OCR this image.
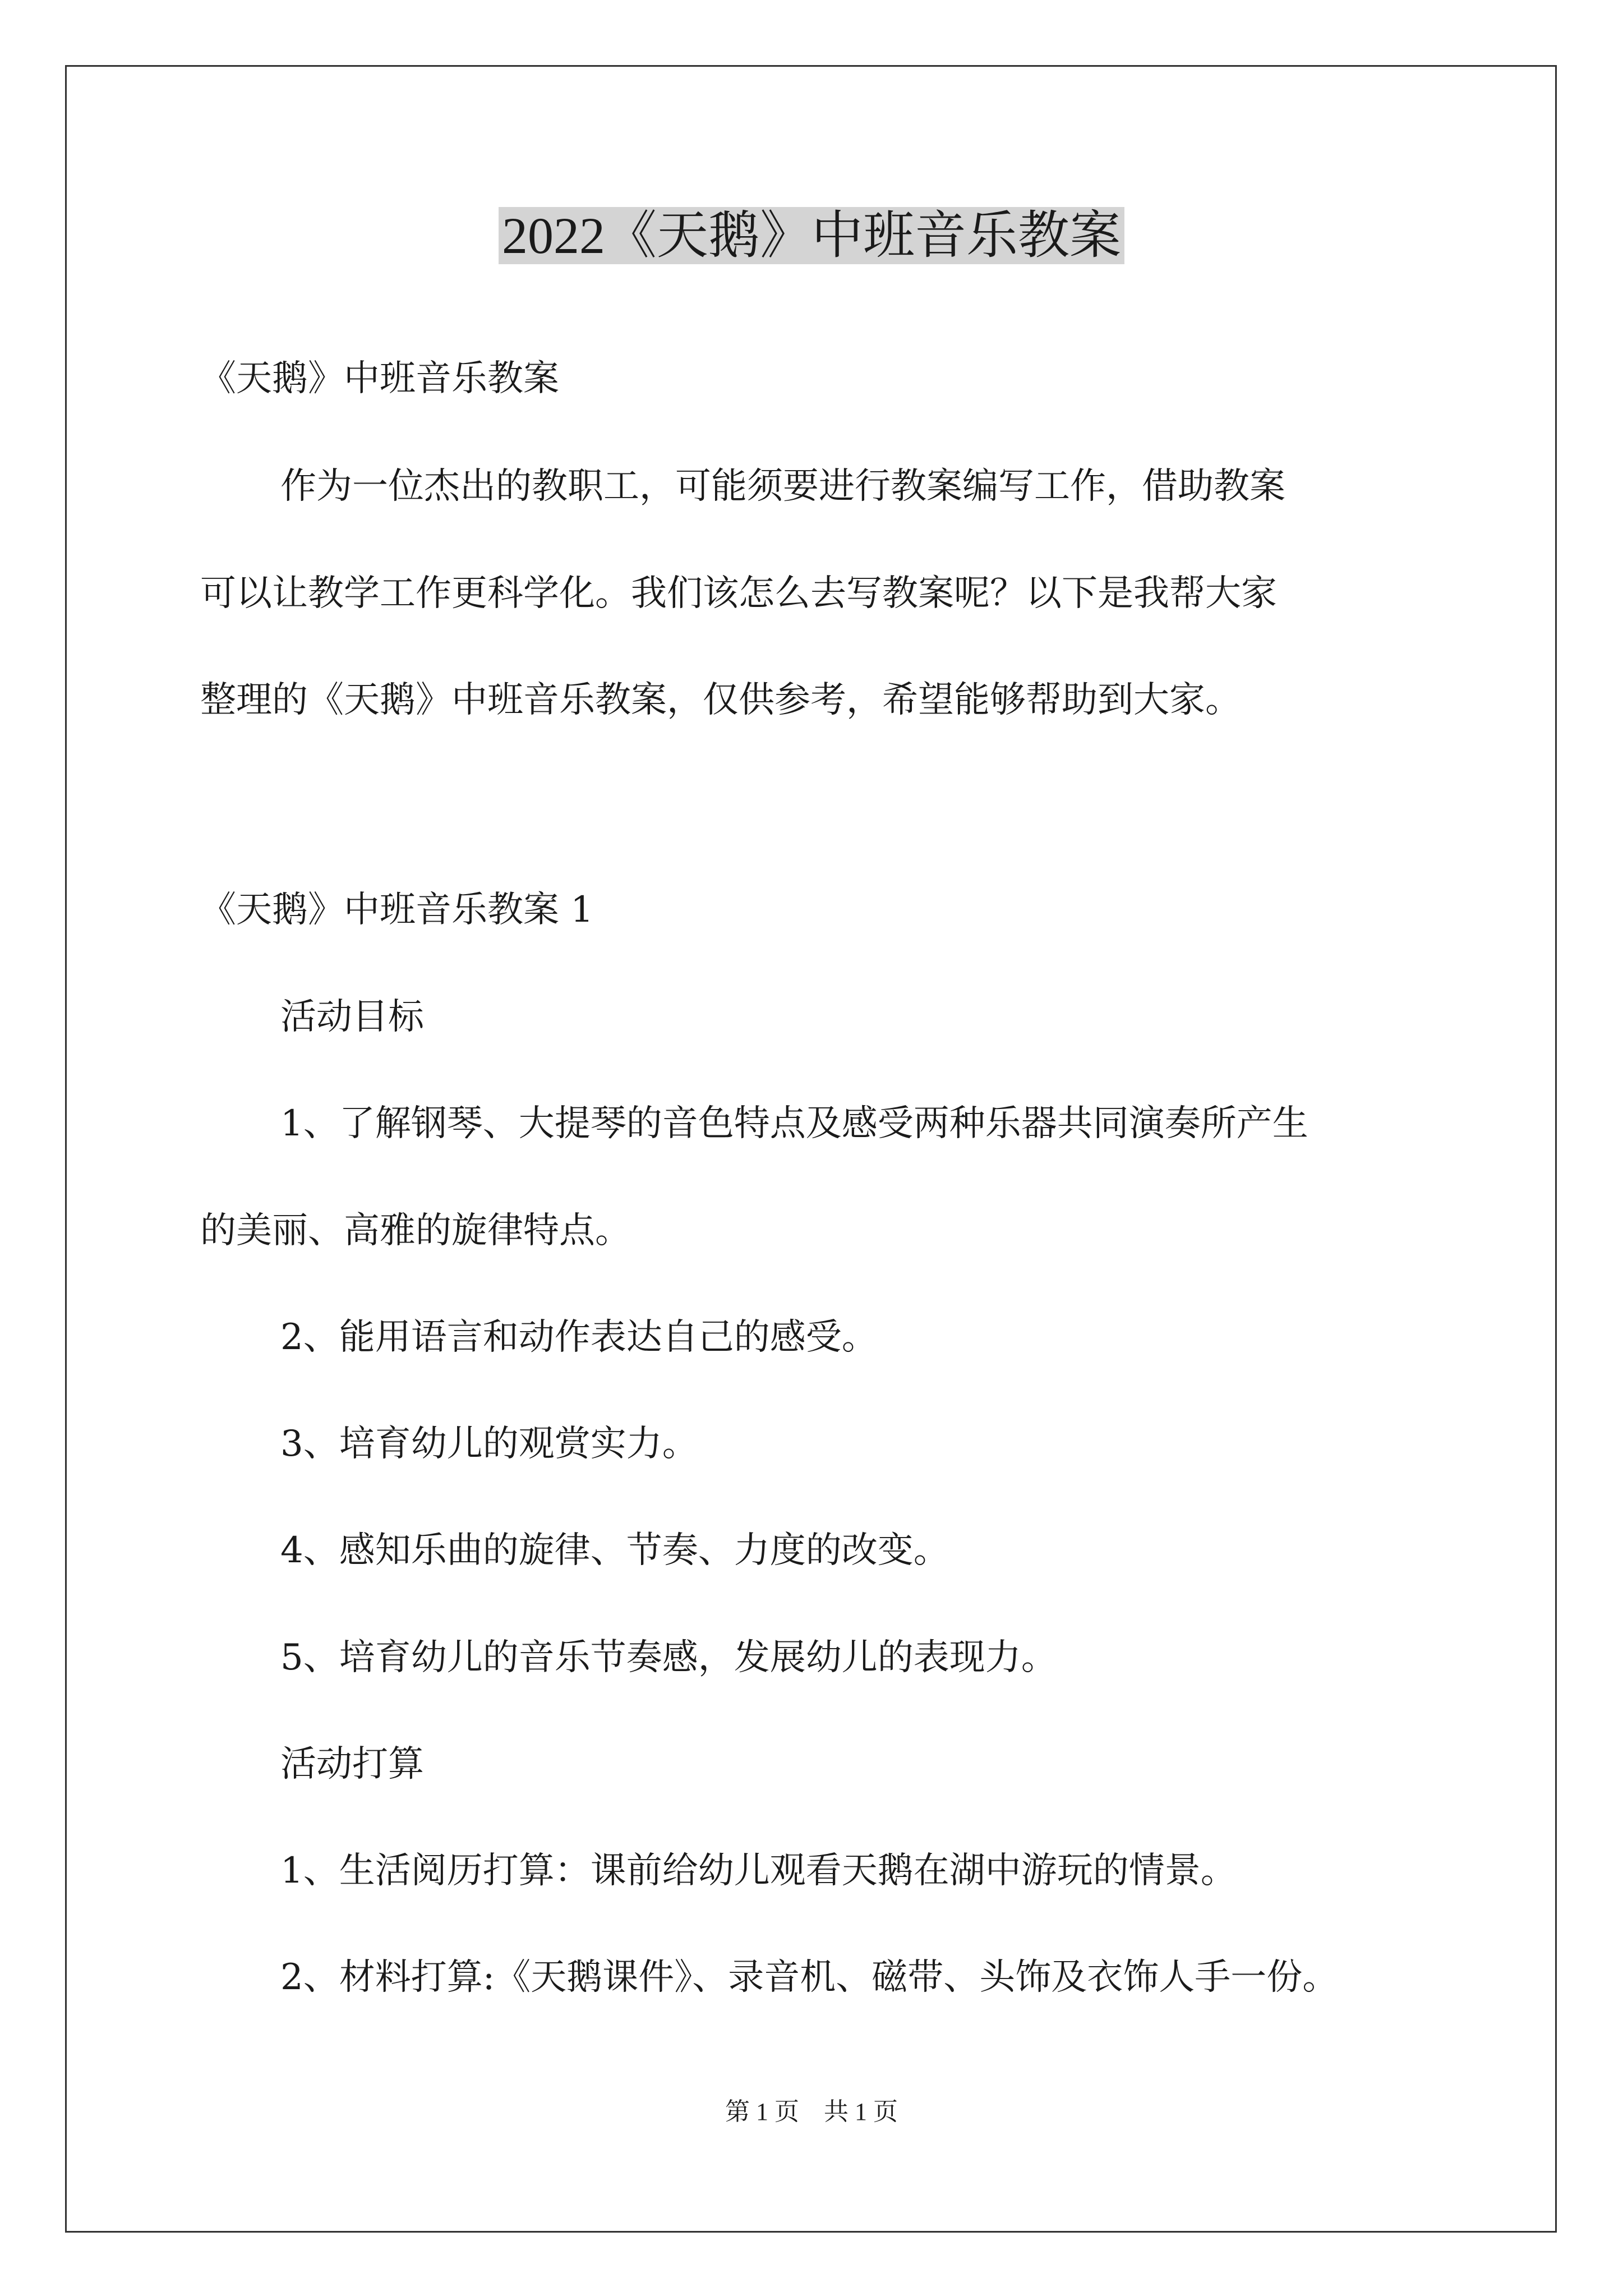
2022《天鹅》中班音乐教案
《天鹅》中班音乐教案
作为一位杰出的教职工，可能须要进行教案编写工作，借助教案
可以让教学工作更科学化。我们该怎么去写教案呢？以下是我帮大家
整理的《天鹅》中班音乐教案，仅供参考，希望能够帮助到大家。
《天鹅》中班音乐教案 1
活动目标
1、了解钢琴、大提琴的音色特点及感受两种乐器共同演奏所产生
的美丽、高雅的旋律特点。
2、能用语言和动作表达自己的感受。
3、培育幼儿的观赏实力。
4、感知乐曲的旋律、节奏、力度的改变。
5、培育幼儿的音乐节奏感，发展幼儿的表现力。
活动打算
1、生活阅历打算：课前给幼儿观看天鹅在湖中游玩的情景。
2、材料打算:《天鹅课件》、录音机、磁带、头饰及衣饰人手一份。
第 1 页　共 1 页
